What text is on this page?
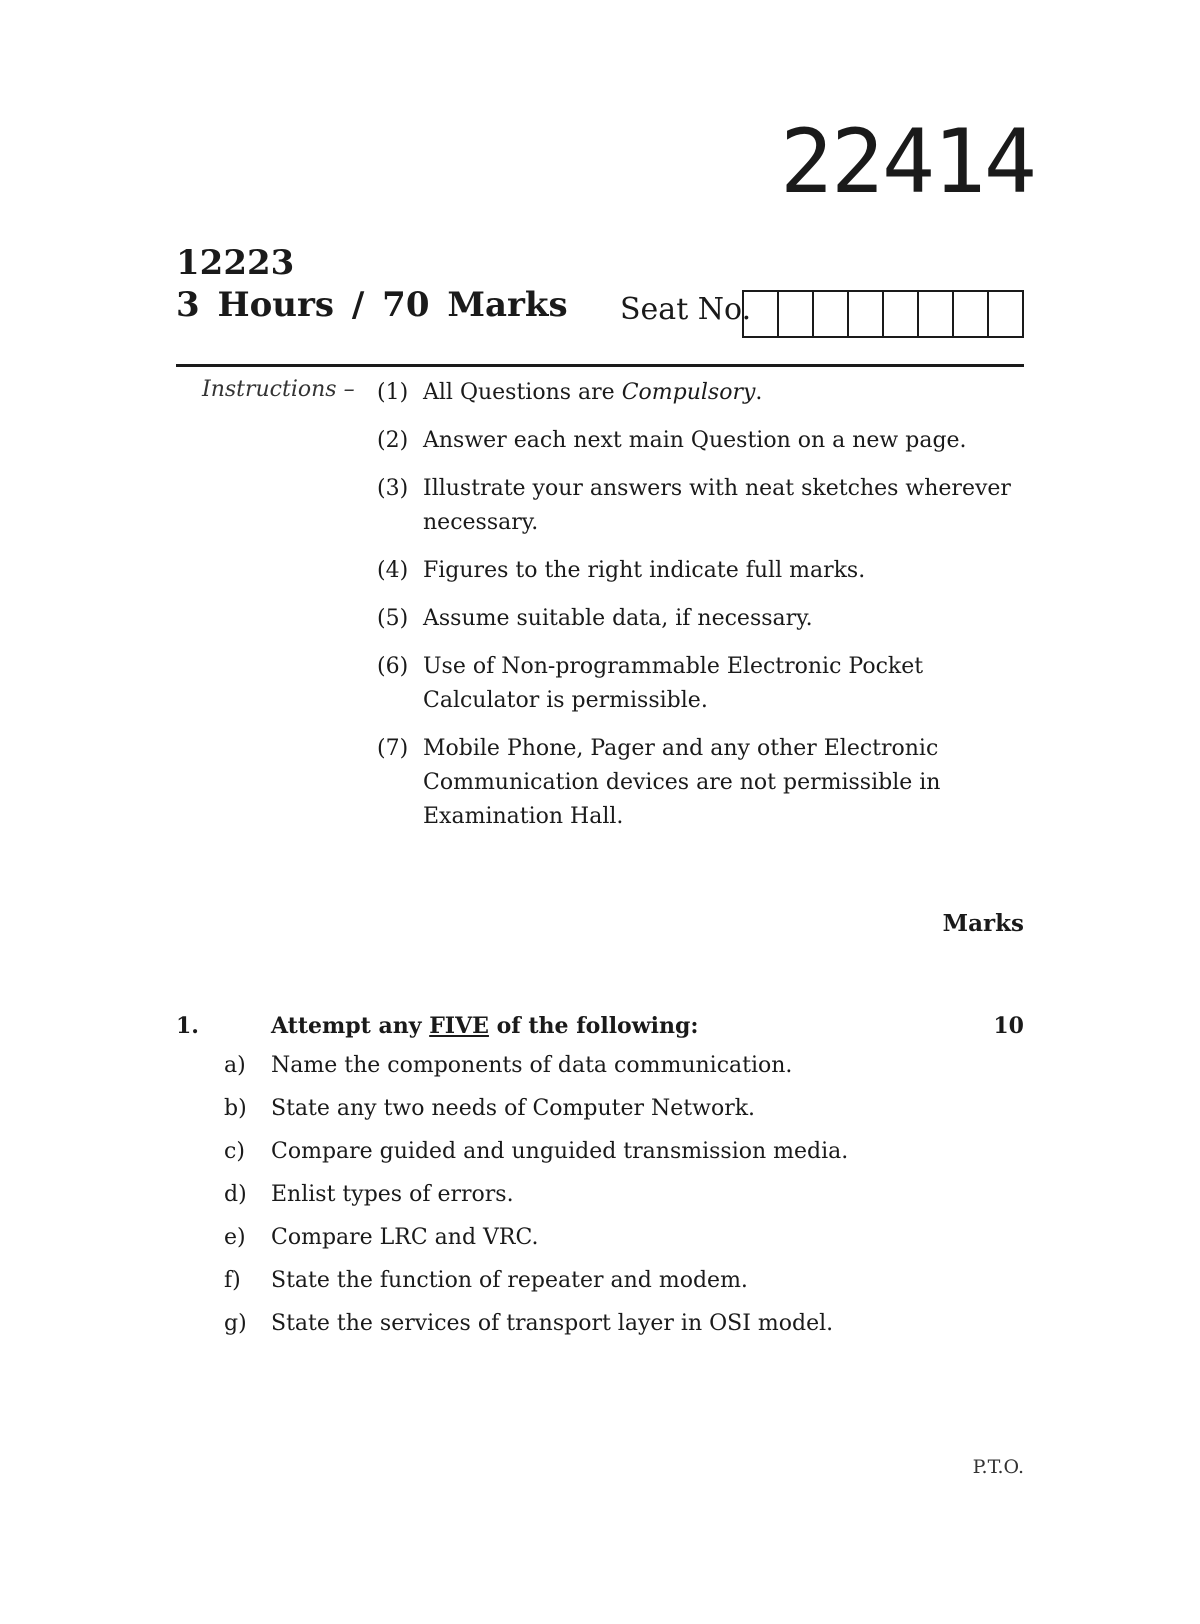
22414
12223
3 Hours / 70 Marks Seat No.
Instructions – (1) All Questions are Compulsory.
(2) Answer each next main Question on a new page.
(3) Illustrate your answers with neat sketches wherever necessary.
(4) Figures to the right indicate full marks.
(5) Assume suitable data, if necessary.
(6) Use of Non-programmable Electronic Pocket Calculator is permissible.
(7) Mobile Phone, Pager and any other Electronic Communication devices are not permissible in Examination Hall.
Marks
1.	Attempt any FIVE of the following:	10
a)	Name the components of data communication.
b)	State any two needs of Computer Network.
c)	Compare guided and unguided transmission media.
d)	Enlist types of errors.
e)	Compare LRC and VRC.
f)	State the function of repeater and modem.
g)	State the services of transport layer in OSI model.
P.T.O.
